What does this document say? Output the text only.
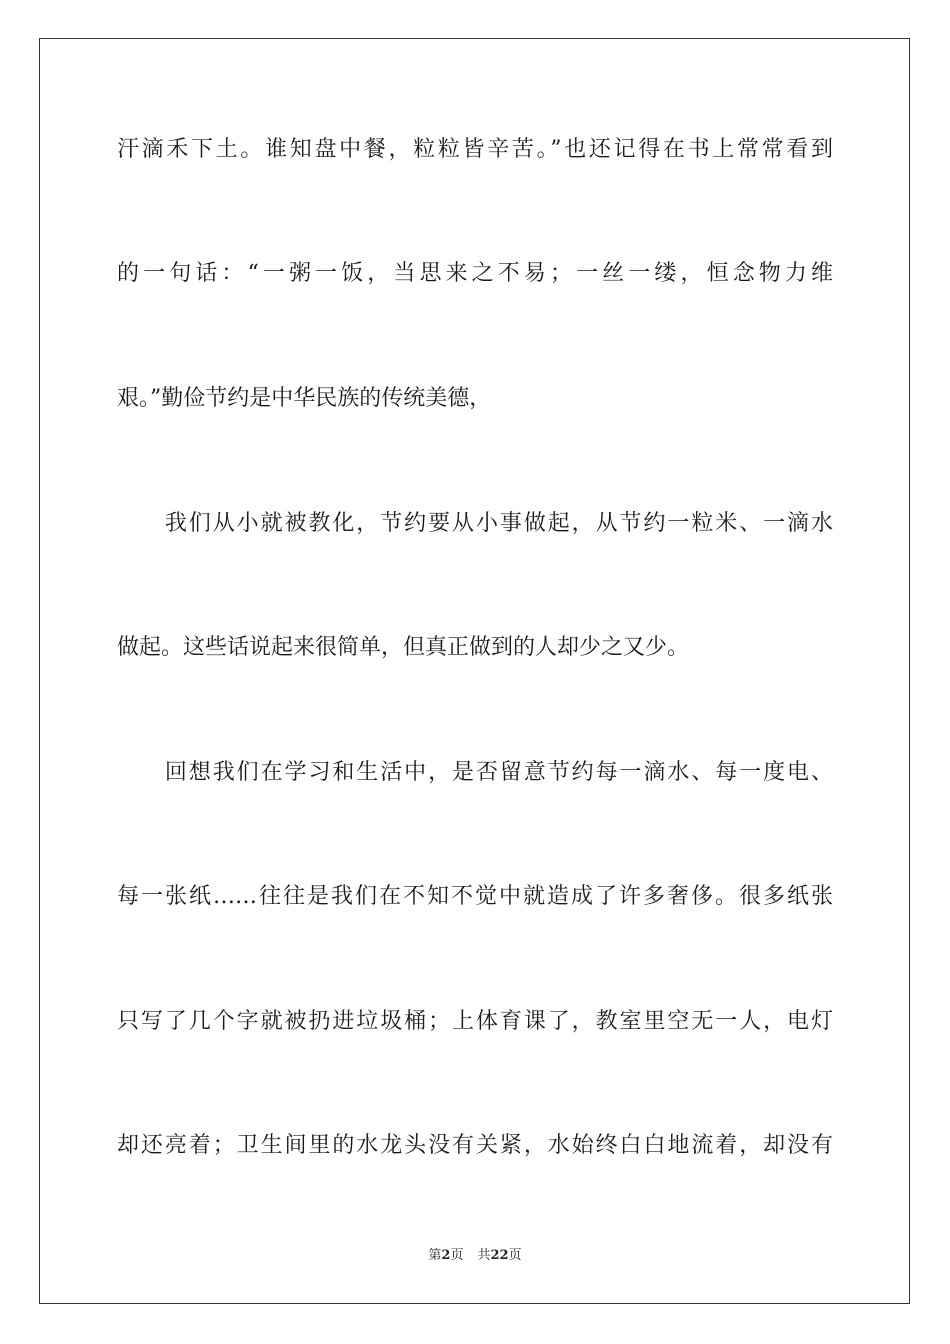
汗滴禾下土。谁知盘中餐，粒粒皆辛苦。”也还记得在书上常常看到
的一句话：“一粥一饭，当思来之不易；一丝一缕，恒念物力维
艰。”勤俭节约是中华民族的传统美德，
　　我们从小就被教化，节约要从小事做起，从节约一粒米、一滴水
做起。这些话说起来很简单，但真正做到的人却少之又少。
　　回想我们在学习和生活中，是否留意节约每一滴水、每一度电、
每一张纸……往往是我们在不知不觉中就造成了许多奢侈。很多纸张
只写了几个字就被扔进垃圾桶；上体育课了，教室里空无一人，电灯
却还亮着；卫生间里的水龙头没有关紧，水始终白白地流着，却没有
第2页 共22页
